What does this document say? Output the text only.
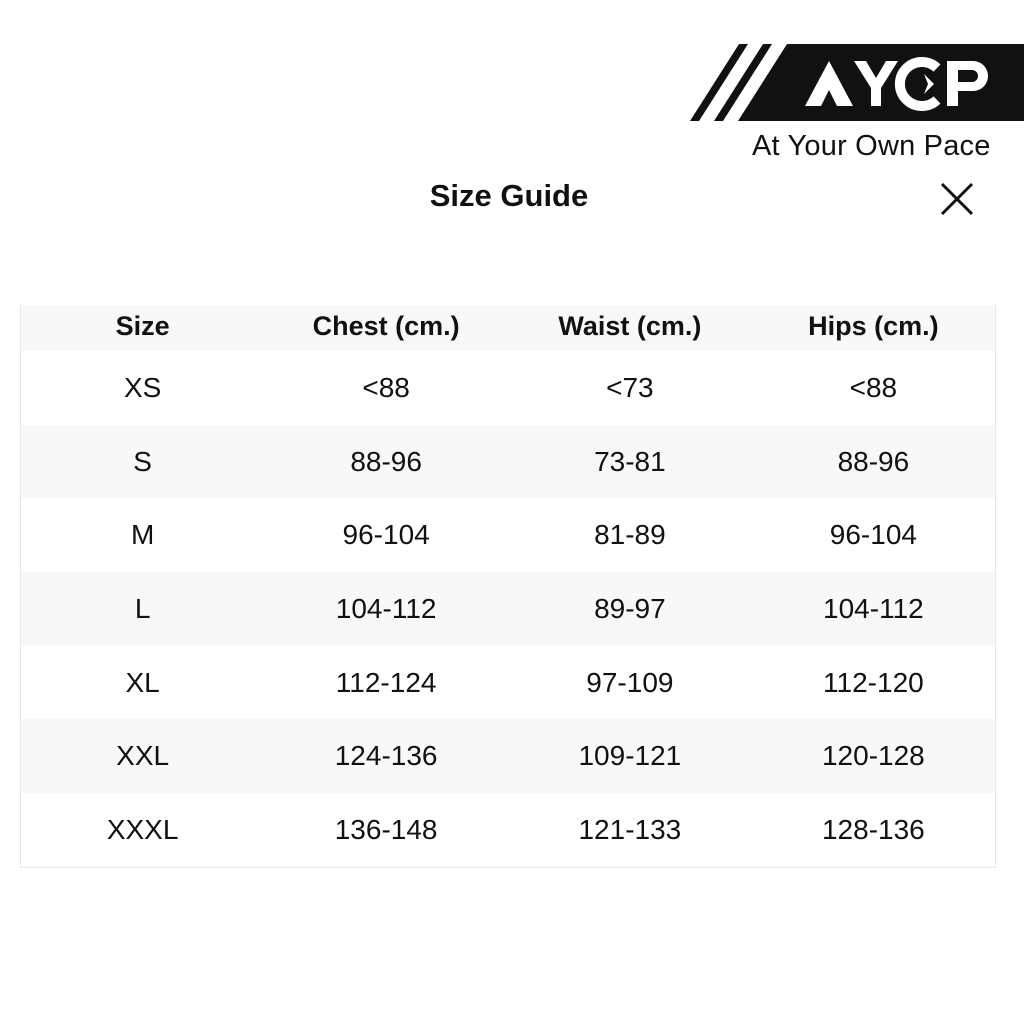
At Your Own Pace
Size Guide
Size	Chest (cm.)	Waist (cm.)	Hips (cm.)
XS	<88	<73	<88
S	88-96	73-81	88-96
M	96-104	81-89	96-104
L	104-112	89-97	104-112
XL	112-124	97-109	112-120
XXL	124-136	109-121	120-128
XXXL	136-148	121-133	128-136
